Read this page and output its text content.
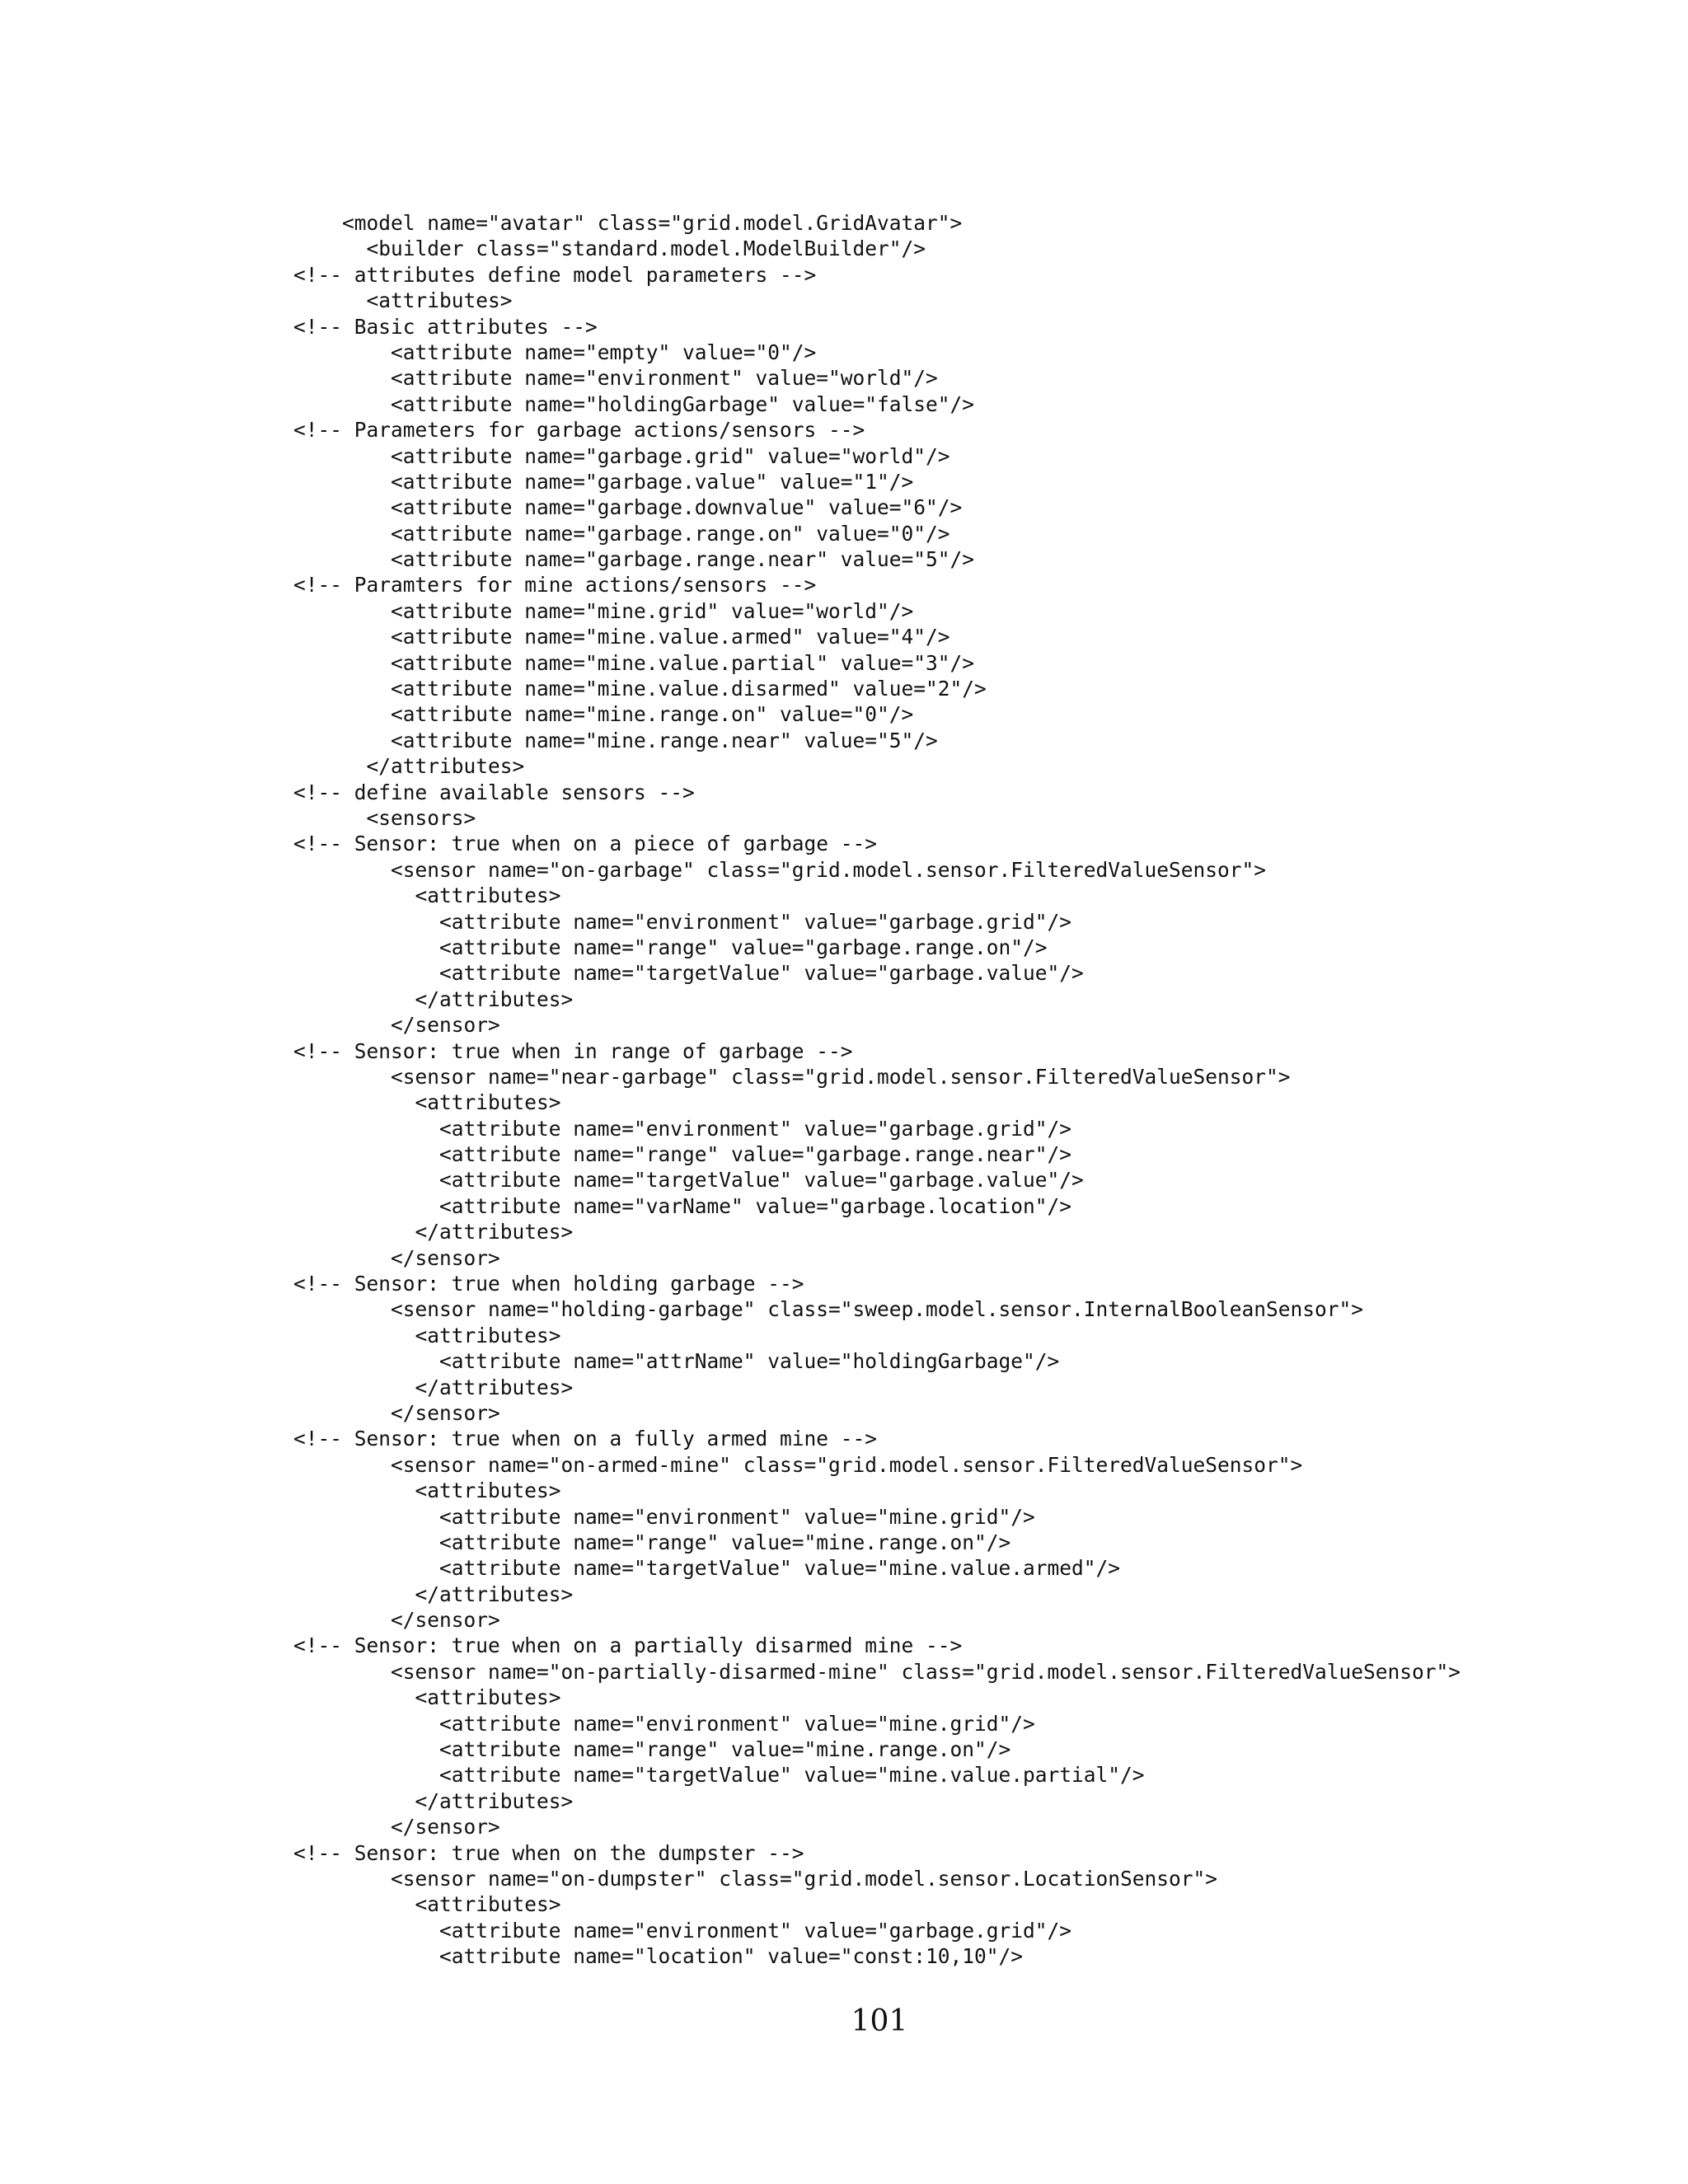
<model name="avatar" class="grid.model.GridAvatar">
<builder class="standard.model.ModelBuilder"/>
<!-- attributes define model parameters -->
<attributes>
<!-- Basic attributes -->
<attribute name="empty" value="0"/>
<attribute name="environment" value="world"/>
<attribute name="holdingGarbage" value="false"/>
<!-- Parameters for garbage actions/sensors -->
<attribute name="garbage.grid" value="world"/>
<attribute name="garbage.value" value="1"/>
<attribute name="garbage.downvalue" value="6"/>
<attribute name="garbage.range.on" value="0"/>
<attribute name="garbage.range.near" value="5"/>
<!-- Paramters for mine actions/sensors -->
<attribute name="mine.grid" value="world"/>
<attribute name="mine.value.armed" value="4"/>
<attribute name="mine.value.partial" value="3"/>
<attribute name="mine.value.disarmed" value="2"/>
<attribute name="mine.range.on" value="0"/>
<attribute name="mine.range.near" value="5"/>
</attributes>
<!-- define available sensors -->
<sensors>
<!-- Sensor: true when on a piece of garbage -->
<sensor name="on-garbage" class="grid.model.sensor.FilteredValueSensor">
<attributes>
<attribute name="environment" value="garbage.grid"/>
<attribute name="range" value="garbage.range.on"/>
<attribute name="targetValue" value="garbage.value"/>
</attributes>
</sensor>
<!-- Sensor: true when in range of garbage -->
<sensor name="near-garbage" class="grid.model.sensor.FilteredValueSensor">
<attributes>
<attribute name="environment" value="garbage.grid"/>
<attribute name="range" value="garbage.range.near"/>
<attribute name="targetValue" value="garbage.value"/>
<attribute name="varName" value="garbage.location"/>
</attributes>
</sensor>
<!-- Sensor: true when holding garbage -->
<sensor name="holding-garbage" class="sweep.model.sensor.InternalBooleanSensor">
<attributes>
<attribute name="attrName" value="holdingGarbage"/>
</attributes>
</sensor>
<!-- Sensor: true when on a fully armed mine -->
<sensor name="on-armed-mine" class="grid.model.sensor.FilteredValueSensor">
<attributes>
<attribute name="environment" value="mine.grid"/>
<attribute name="range" value="mine.range.on"/>
<attribute name="targetValue" value="mine.value.armed"/>
</attributes>
</sensor>
<!-- Sensor: true when on a partially disarmed mine -->
<sensor name="on-partially-disarmed-mine" class="grid.model.sensor.FilteredValueSensor">
<attributes>
<attribute name="environment" value="mine.grid"/>
<attribute name="range" value="mine.range.on"/>
<attribute name="targetValue" value="mine.value.partial"/>
</attributes>
</sensor>
<!-- Sensor: true when on the dumpster -->
<sensor name="on-dumpster" class="grid.model.sensor.LocationSensor">
<attributes>
<attribute name="environment" value="garbage.grid"/>
<attribute name="location" value="const:10,10"/>
101
